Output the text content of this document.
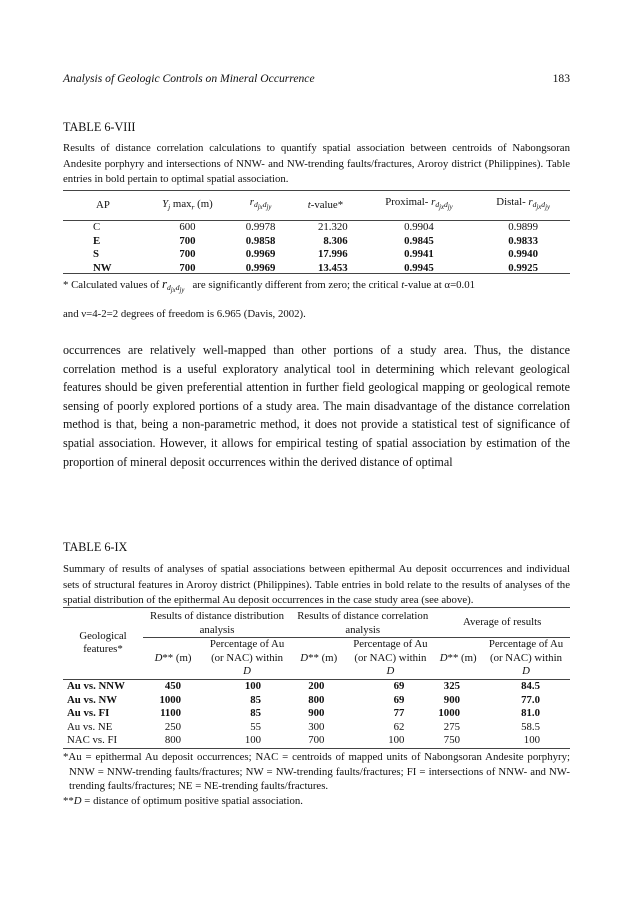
Analysis of Geologic Controls on Mineral Occurrence	183
TABLE 6-VIII
Results of distance correlation calculations to quantify spatial association between centroids of Nabongsoran Andesite porphyry and intersections of NNW- and NW-trending faults/fractures, Aroroy district (Philippines). Table entries in bold pertain to optimal spatial association.
AP	$Y_j$ $\max_r (m)$	$r_{d_{jx}d_{jy}}$	t-value*	Proximal- $r_{d_{jx}d_{jy}}$	Distal- $r_{d_{jx}d_{jy}}$
C	600	0.9978	21.320	0.9904	0.9899
E	700	0.9858	8.306	0.9845	0.9833
S	700	0.9969	17.996	0.9941	0.9940
NW	700	0.9969	13.453	0.9945	0.9925
* Calculated values of $r_{d_{jx}d_{jy}}$   are significantly different from zero; the critical t-value at α=0.01
and ν=4-2=2 degrees of freedom is 6.965 (Davis, 2002).
occurrences are relatively well-mapped than other portions of a study area. Thus, the distance correlation method is a useful exploratory analytical tool in determining which relevant geological features should be given preferential attention in further field geological mapping or geological remote sensing of poorly explored portions of a study area. The main disadvantage of the distance correlation method is that, being a non-parametric method, it does not provide a statistical test of significance of spatial association. However, it allows for empirical testing of spatial association by estimation of the proportion of mineral deposit occurrences within the derived distance of optimal
TABLE 6-IX
Summary of results of analyses of spatial associations between epithermal Au deposit occurrences and individual sets of structural features in Aroroy district (Philippines). Table entries in bold relate to the results of analyses of the spatial distribution of the epithermal Au deposit occurrences in the case study area (see above).
Geological features*	Results of distance distribution analysis		Results of distance correlation analysis		Average of results	
	D** (m)	Percentage of Au (or NAC) within D	D** (m)	Percentage of Au (or NAC) within D	D** (m)	Percentage of Au (or NAC) within D
Au vs. NNW	450	100	200	69	325	84.5
Au vs. NW	1000	85	800	69	900	77.0
Au vs. FI	1100	85	900	77	1000	81.0
Au vs. NE	250	55	300	62	275	58.5
NAC vs. FI	800	100	700	100	750	100
*Au = epithermal Au deposit occurrences; NAC = centroids of mapped units of Nabongsoran Andesite porphyry; NNW = NNW-trending faults/fractures; NW = NW-trending faults/fractures; FI = intersections of NNW- and NW-trending faults/fractures; NE = NE-trending faults/fractures.
**D = distance of optimum positive spatial association.
